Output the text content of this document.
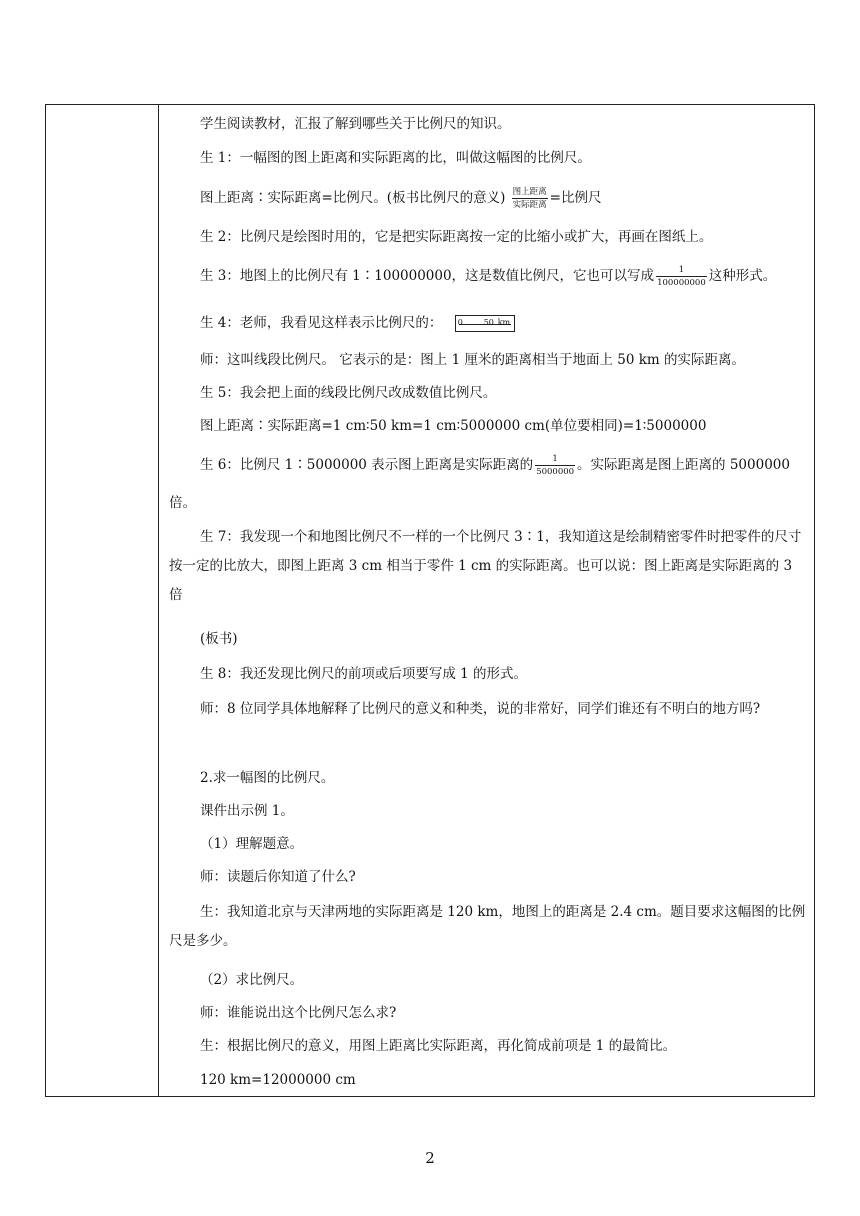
学生阅读教材，汇报了解到哪些关于比例尺的知识。
生 1：一幅图的图上距离和实际距离的比，叫做这幅图的比例尺。
图上距离∶实际距离=比例尺。(板书比例尺的意义) $\frac{\text{图上距离}}{\text{实际距离}}$ =比例尺
生 2：比例尺是绘图时用的，它是把实际距离按一定的比缩小或扩大，再画在图纸上。
生 3：地图上的比例尺有 1∶100000000，这是数值比例尺，它也可以写成 $\frac{1}{100000000}$ 这种形式。
生 4：老师，我看见这样表示比例尺的： 0	50 km
师：这叫线段比例尺。 它表示的是：图上 1 厘米的距离相当于地面上 50 km 的实际距离。
生 5：我会把上面的线段比例尺改成数值比例尺。
图上距离∶实际距离=1 cm∶50 km=1 cm∶5000000 cm(单位要相同)=1∶5000000
生 6：比例尺 1∶5000000 表示图上距离是实际距离的 $\frac{1}{5000000}$ 。实际距离是图上距离的 5000000
倍。
生 7：我发现一个和地图比例尺不一样的一个比例尺 3∶1，我知道这是绘制精密零件时把零件的尺寸按一定的比放大，即图上距离 3 cm 相当于零件 1 cm 的实际距离。也可以说：图上距离是实际距离的 3 倍
(板书)
生 8：我还发现比例尺的前项或后项要写成 1 的形式。
师：8 位同学具体地解释了比例尺的意义和种类，说的非常好，同学们谁还有不明白的地方吗?
2.求一幅图的比例尺。
课件出示例 1。
（1）理解题意。
师：读题后你知道了什么?
生：我知道北京与天津两地的实际距离是 120 km，地图上的距离是 2.4 cm。题目要求这幅图的比例尺是多少。
（2）求比例尺。
师：谁能说出这个比例尺怎么求?
生：根据比例尺的意义，用图上距离比实际距离，再化简成前项是 1 的最简比。
120 km=12000000 cm
2
